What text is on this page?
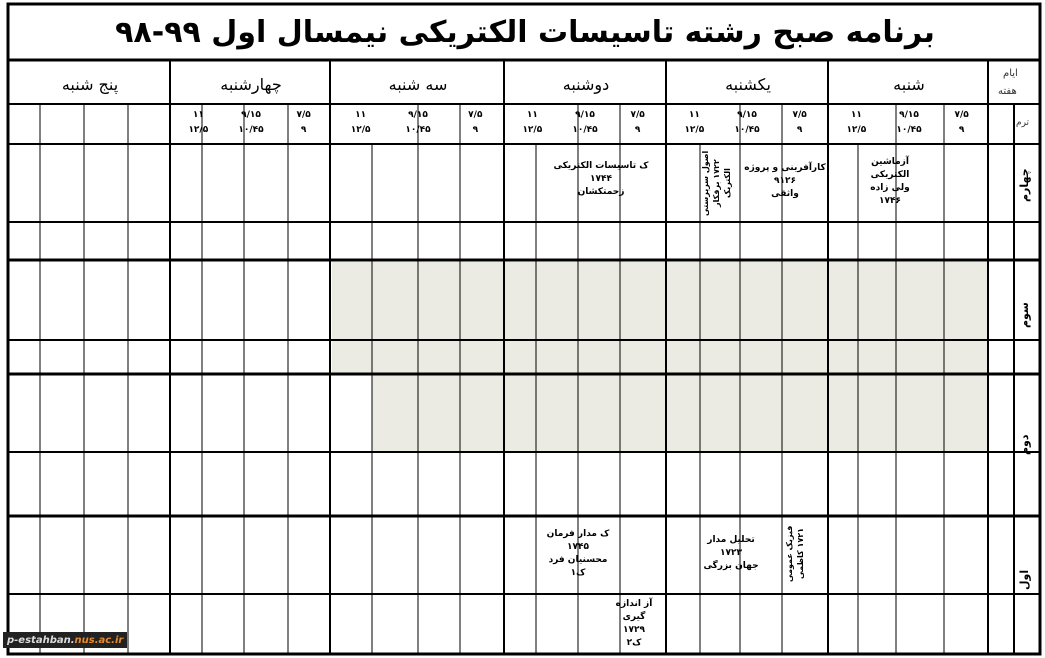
برنامه صبح رشته تاسیسات الکتریکی نیمسال اول ۹۹-۹۸
ایام
هفته
ترم
شنبه
یکشنبه
دوشنبه
سه شنبه
چهارشنبه
پنج شنبه
۷/۵
۹
۹/۱۵
۱۰/۴۵
۱۱
۱۲/۵
۷/۵
۹
۹/۱۵
۱۰/۴۵
۱۱
۱۲/۵
۷/۵
۹
۹/۱۵
۱۰/۴۵
۱۱
۱۲/۵
۷/۵
۹
۹/۱۵
۱۰/۴۵
۱۱
۱۲/۵
۷/۵
۹
۹/۱۵
۱۰/۴۵
۱۱
۱۲/۵
چهارم
سوم
دوم
اول
آزماشین
الکتریکی
ولی زاده
۱۷۴۶
کارآفرینی و پروژه
۹۱۲۶
واثقی
اصول سرپرستی ۱۷۲۲ برقکار الکتریک
ک تاسیسات الکتریکی
۱۷۴۴
زحمتکشان
تحلیل مدار
۱۷۲۳
جهان بزرگی	فیزیک عمومی ۱۷۲۱ کاظمی
ک مدار فرمان
۱۷۴۵
محسنیان فرد
ک۱
آز اندازه
گیری
۱۷۲۹
ک۲
p-estahban. nus.ac.ir
